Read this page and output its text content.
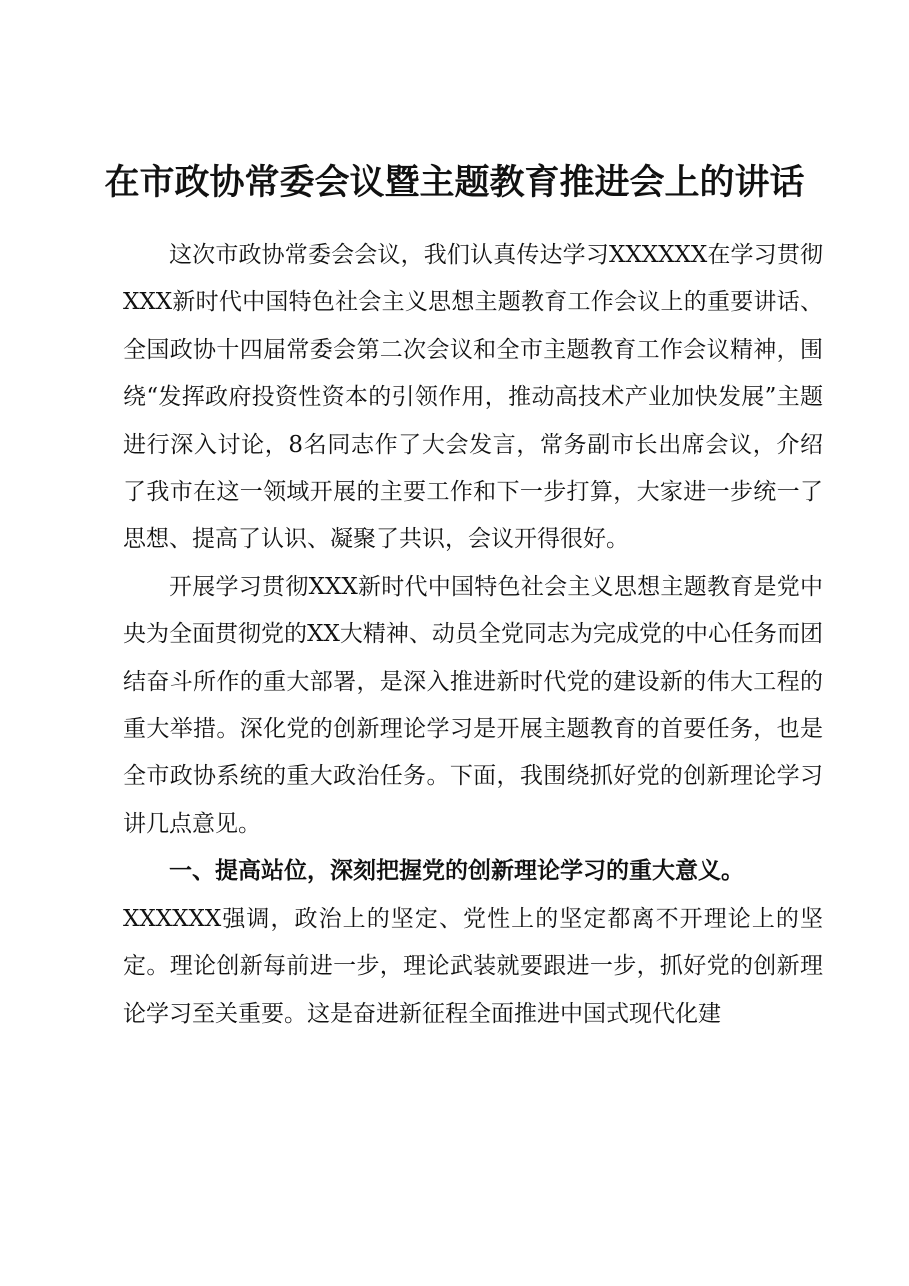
在市政协常委会议暨主题教育推进会上的讲话

这次市政协常委会会议，我们认真传达学习XXXXXX在学习贯彻XXX新时代中国特色社会主义思想主题教育工作会议上的重要讲话、全国政协十四届常委会第二次会议和全市主题教育工作会议精神，围绕“发挥政府投资性资本的引领作用，推动高技术产业加快发展”主题进行深入讨论，8名同志作了大会发言，常务副市长出席会议，介绍了我市在这一领域开展的主要工作和下一步打算，大家进一步统一了思想、提高了认识、凝聚了共识，会议开得很好。

开展学习贯彻XXX新时代中国特色社会主义思想主题教育是党中央为全面贯彻党的XX大精神、动员全党同志为完成党的中心任务而团结奋斗所作的重大部署，是深入推进新时代党的建设新的伟大工程的重大举措。深化党的创新理论学习是开展主题教育的首要任务，也是全市政协系统的重大政治任务。下面，我围绕抓好党的创新理论学习讲几点意见。

一、提高站位，深刻把握党的创新理论学习的重大意义。

XXXXXX强调，政治上的坚定、党性上的坚定都离不开理论上的坚定。理论创新每前进一步，理论武装就要跟进一步，抓好党的创新理论学习至关重要。这是奋进新征程全面推进中国式现代化建
